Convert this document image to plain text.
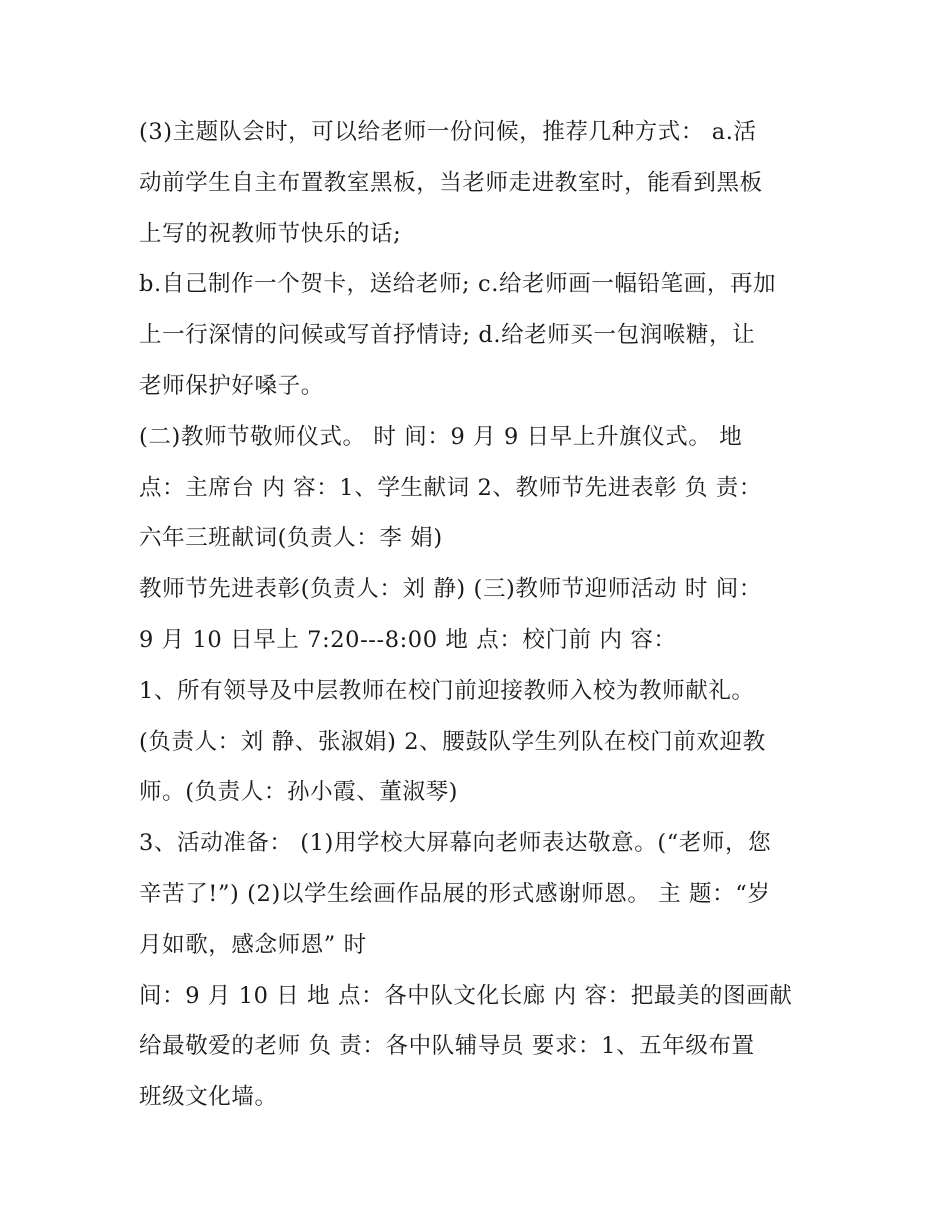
(3)主题队会时，可以给老师一份问候，推荐几种方式： a.活
动前学生自主布置教室黑板，当老师走进教室时，能看到黑板
上写的祝教师节快乐的话;
b.自己制作一个贺卡，送给老师; c.给老师画一幅铅笔画，再加
上一行深情的问候或写首抒情诗; d.给老师买一包润喉糖，让
老师保护好嗓子。
(二)教师节敬师仪式。 时 间：9 月 9 日早上升旗仪式。 地
点：主席台 内 容：1、学生献词 2、教师节先进表彰 负 责：
六年三班献词(负责人：李 娟)
教师节先进表彰(负责人：刘 静) (三)教师节迎师活动 时 间：
9 月 10 日早上 7:20---8:00 地 点：校门前 内 容：
1、所有领导及中层教师在校门前迎接教师入校为教师献礼。
(负责人：刘 静、张淑娟) 2、腰鼓队学生列队在校门前欢迎教
师。(负责人：孙小霞、董淑琴)
3、活动准备： (1)用学校大屏幕向老师表达敬意。(“老师，您
辛苦了!”) (2)以学生绘画作品展的形式感谢师恩。 主 题：“岁
月如歌，感念师恩” 时
间：9 月 10 日 地 点：各中队文化长廊 内 容：把最美的图画献
给最敬爱的老师 负 责：各中队辅导员 要求：1、五年级布置
班级文化墙。
